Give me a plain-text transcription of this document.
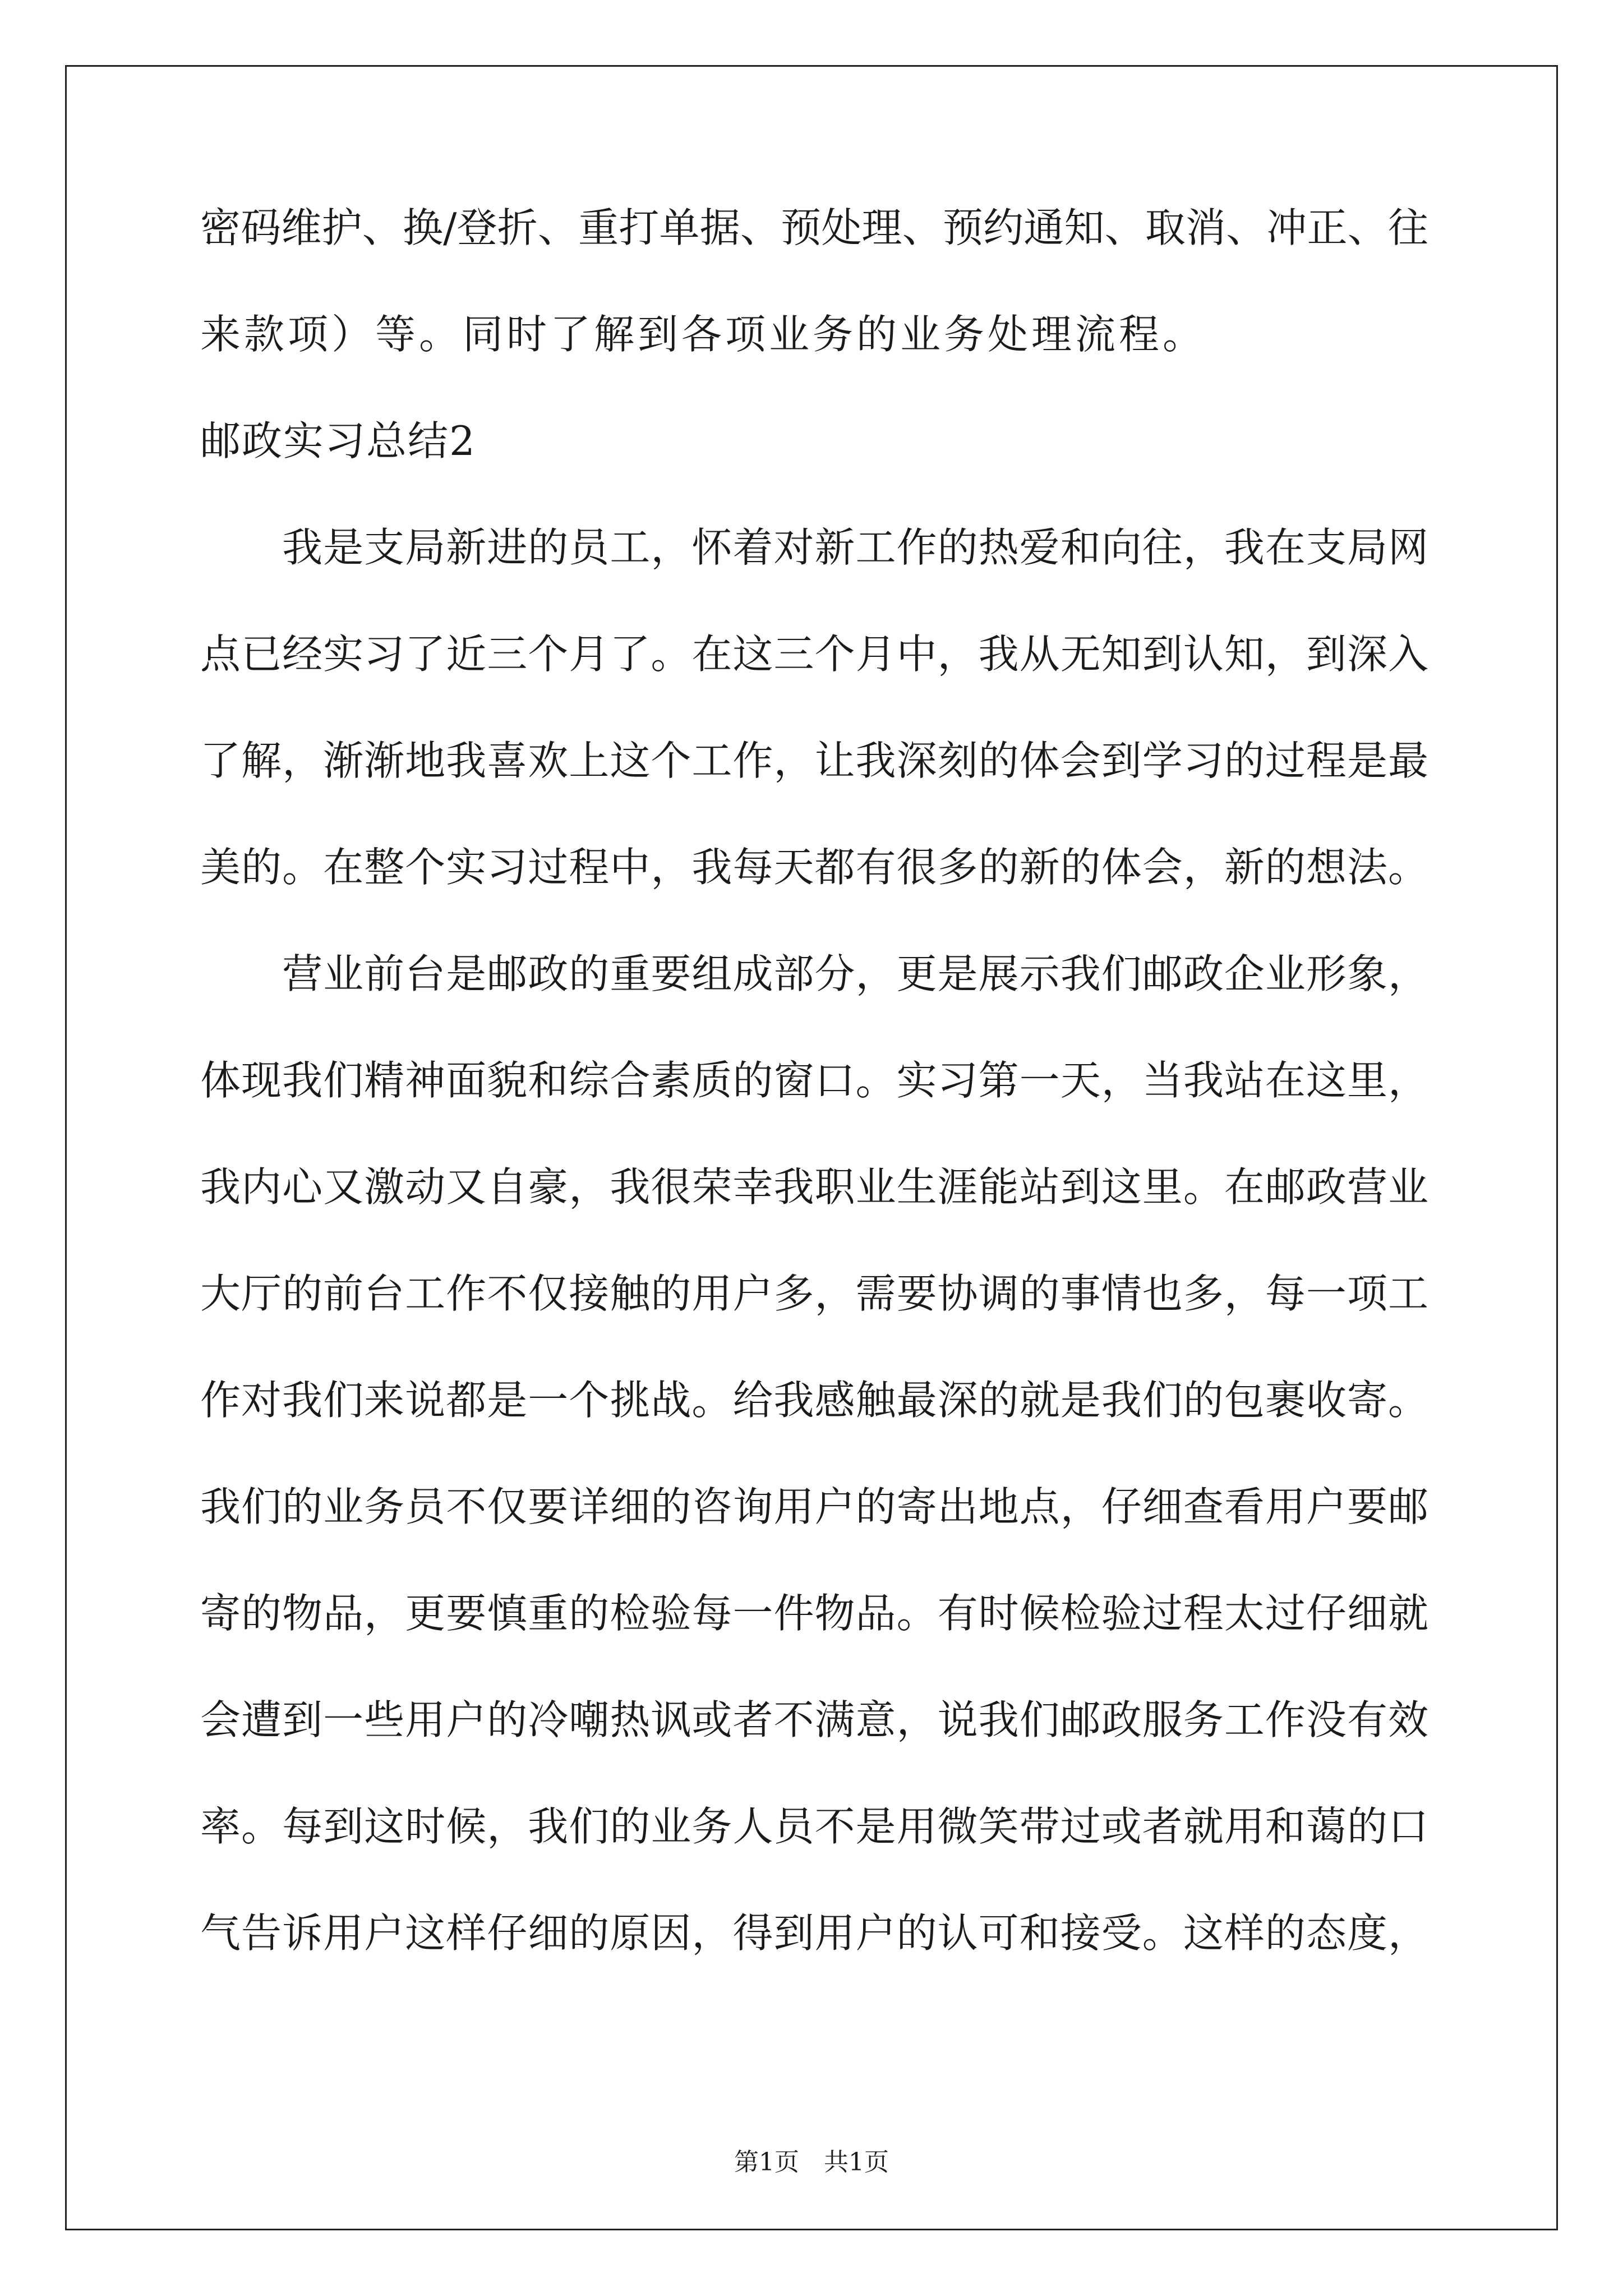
密码维护、换/登折、重打单据、预处理、预约通知、取消、冲正、往
来款项）等。同时了解到各项业务的业务处理流程。
邮政实习总结2
　　我是支局新进的员工，怀着对新工作的热爱和向往，我在支局网
点已经实习了近三个月了。在这三个月中，我从无知到认知，到深入
了解，渐渐地我喜欢上这个工作，让我深刻的体会到学习的过程是最
美的。在整个实习过程中，我每天都有很多的新的体会，新的想法。
　　营业前台是邮政的重要组成部分，更是展示我们邮政企业形象，
体现我们精神面貌和综合素质的窗口。实习第一天，当我站在这里，
我内心又激动又自豪，我很荣幸我职业生涯能站到这里。在邮政营业
大厅的前台工作不仅接触的用户多，需要协调的事情也多，每一项工
作对我们来说都是一个挑战。给我感触最深的就是我们的包裹收寄。
我们的业务员不仅要详细的咨询用户的寄出地点，仔细查看用户要邮
寄的物品，更要慎重的检验每一件物品。有时候检验过程太过仔细就
会遭到一些用户的冷嘲热讽或者不满意，说我们邮政服务工作没有效
率。每到这时候，我们的业务人员不是用微笑带过或者就用和蔼的口
气告诉用户这样仔细的原因，得到用户的认可和接受。这样的态度，
第1页　共1页
